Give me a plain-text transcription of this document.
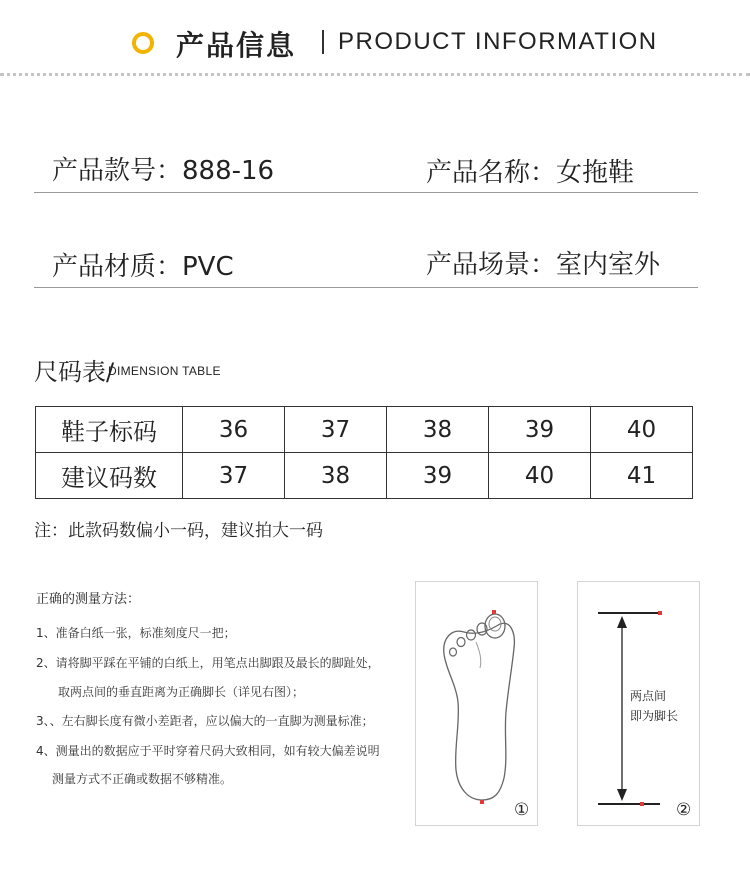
产品信息 PRODUCT INFORMATION
产品款号：888-16	产品名称：女拖鞋
产品材质：PVC	产品场景：室内室外
尺码表/
DIMENSION TABLE
鞋子标码	36	37	38	39	40
建议码数	37	38	39	40	41
注：此款码数偏小一码，建议拍大一码
正确的测量方法：
1、准备白纸一张，标准刻度尺一把；
2、请将脚平踩在平铺的白纸上，用笔点出脚跟及最长的脚趾处，
取两点间的垂直距离为正确脚长（详见右图）；
3、、左右脚长度有微小差距者，应以偏大的一直脚为测量标准；
4、测量出的数据应于平时穿着尺码大致相同，如有较大偏差说明
测量方式不正确或数据不够精准。
①
两点间
即为脚长
②
